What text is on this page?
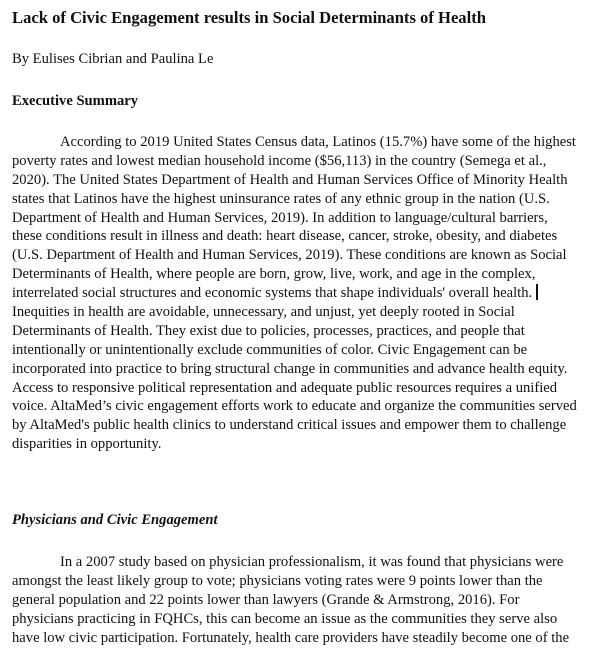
Lack of Civic Engagement results in Social Determinants of Health

By Eulises Cibrian and Paulina Le

Executive Summary
According to 2019 United States Census data, Latinos (15.7%) have some of the highest
poverty rates and lowest median household income ($56,113) in the country (Semega et al.,
2020). The United States Department of Health and Human Services Office of Minority Health
states that Latinos have the highest uninsurance rates of any ethnic group in the nation (U.S.
Department of Health and Human Services, 2019). In addition to language/cultural barriers,
these conditions result in illness and death: heart disease, cancer, stroke, obesity, and diabetes
(U.S. Department of Health and Human Services, 2019). These conditions are known as Social
Determinants of Health, where people are born, grow, live, work, and age in the complex,
interrelated social structures and economic systems that shape individuals' overall health.
Inequities in health are avoidable, unnecessary, and unjust, yet deeply rooted in Social
Determinants of Health. They exist due to policies, processes, practices, and people that
intentionally or unintentionally exclude communities of color. Civic Engagement can be
incorporated into practice to bring structural change in communities and advance health equity.
Access to responsive political representation and adequate public resources requires a unified
voice. AltaMed’s civic engagement efforts work to educate and organize the communities served
by AltaMed's public health clinics to understand critical issues and empower them to challenge
disparities in opportunity.
Physicians and Civic Engagement
In a 2007 study based on physician professionalism, it was found that physicians were
amongst the least likely group to vote; physicians voting rates were 9 points lower than the
general population and 22 points lower than lawyers (Grande & Armstrong, 2016). For
physicians practicing in FQHCs, this can become an issue as the communities they serve also
have low civic participation. Fortunately, health care providers have steadily become one of the
